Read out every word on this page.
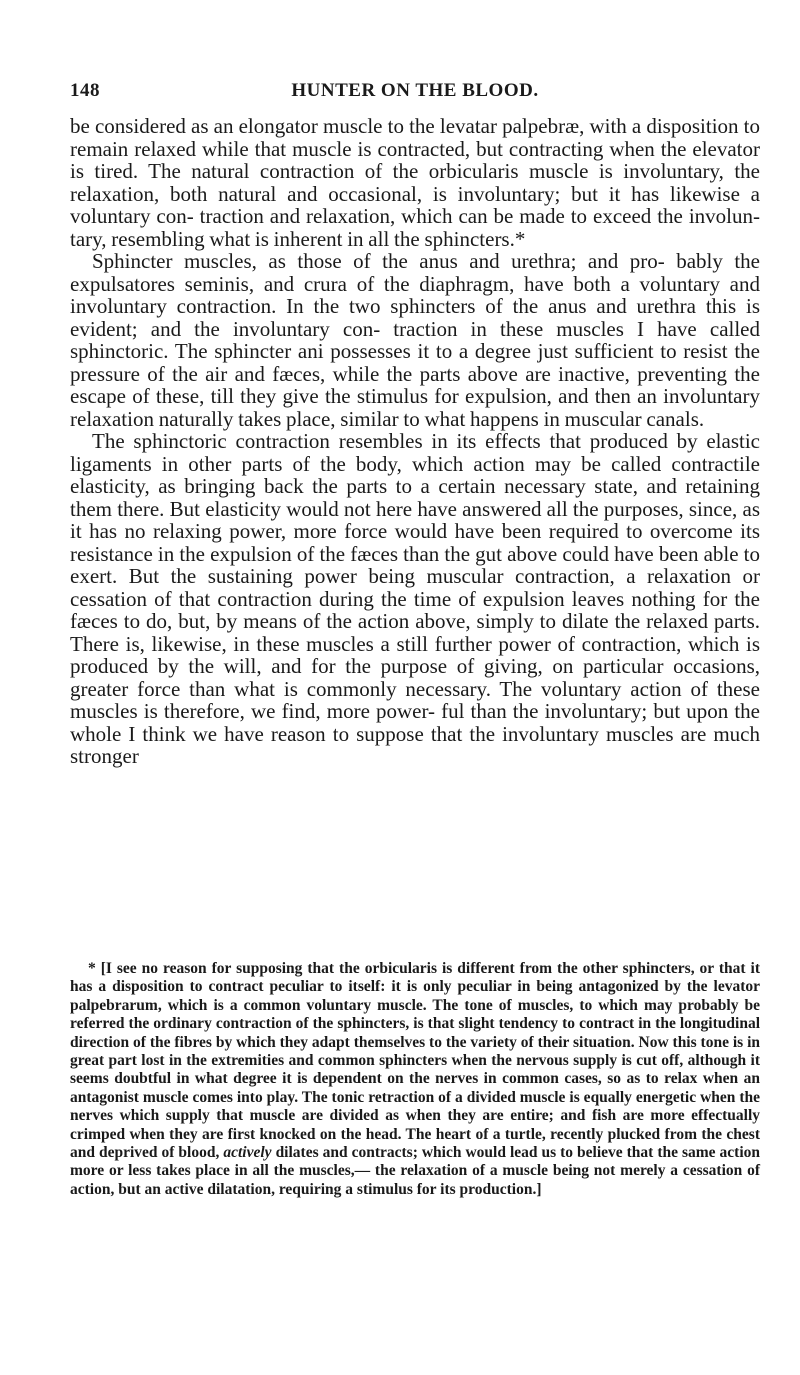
148	HUNTER ON THE BLOOD.

be considered as an elongator muscle to the levatar palpebræ, with a disposition to remain relaxed while that muscle is contracted, but contracting when the elevator is tired. The natural contraction of the orbicularis muscle is involuntary, the relaxation, both natural and occasional, is involuntary; but it has likewise a voluntary con- traction and relaxation, which can be made to exceed the involun- tary, resembling what is inherent in all the sphincters.*

Sphincter muscles, as those of the anus and urethra; and pro- bably the expulsatores seminis, and crura of the diaphragm, have both a voluntary and involuntary contraction. In the two sphincters of the anus and urethra this is evident; and the involuntary con- traction in these muscles I have called sphinctoric. The sphincter ani possesses it to a degree just sufficient to resist the pressure of the air and fæces, while the parts above are inactive, preventing the escape of these, till they give the stimulus for expulsion, and then an involuntary relaxation naturally takes place, similar to what happens in muscular canals.

The sphinctoric contraction resembles in its effects that produced by elastic ligaments in other parts of the body, which action may be called contractile elasticity, as bringing back the parts to a certain necessary state, and retaining them there. But elasticity would not here have answered all the purposes, since, as it has no relaxing power, more force would have been required to overcome its resistance in the expulsion of the fæces than the gut above could have been able to exert. But the sustaining power being muscular contraction, a relaxation or cessation of that contraction during the time of expulsion leaves nothing for the fæces to do, but, by means of the action above, simply to dilate the relaxed parts. There is, likewise, in these muscles a still further power of contraction, which is produced by the will, and for the purpose of giving, on particular occasions, greater force than what is commonly necessary. The voluntary action of these muscles is therefore, we find, more power- ful than the involuntary; but upon the whole I think we have reason to suppose that the involuntary muscles are much stronger

* [I see no reason for supposing that the orbicularis is different from the other sphincters, or that it has a disposition to contract peculiar to itself: it is only peculiar in being antagonized by the levator palpebrarum, which is a common voluntary muscle. The tone of muscles, to which may probably be referred the ordinary contraction of the sphincters, is that slight tendency to contract in the longitudinal direction of the fibres by which they adapt themselves to the variety of their situation. Now this tone is in great part lost in the extremities and common sphincters when the nervous supply is cut off, although it seems doubtful in what degree it is dependent on the nerves in common cases, so as to relax when an antagonist muscle comes into play. The tonic retraction of a divided muscle is equally energetic when the nerves which supply that muscle are divided as when they are entire; and fish are more effectually crimped when they are first knocked on the head. The heart of a turtle, recently plucked from the chest and deprived of blood, actively dilates and contracts; which would lead us to believe that the same action more or less takes place in all the muscles,— the relaxation of a muscle being not merely a cessation of action, but an active dilatation, requiring a stimulus for its production.]
